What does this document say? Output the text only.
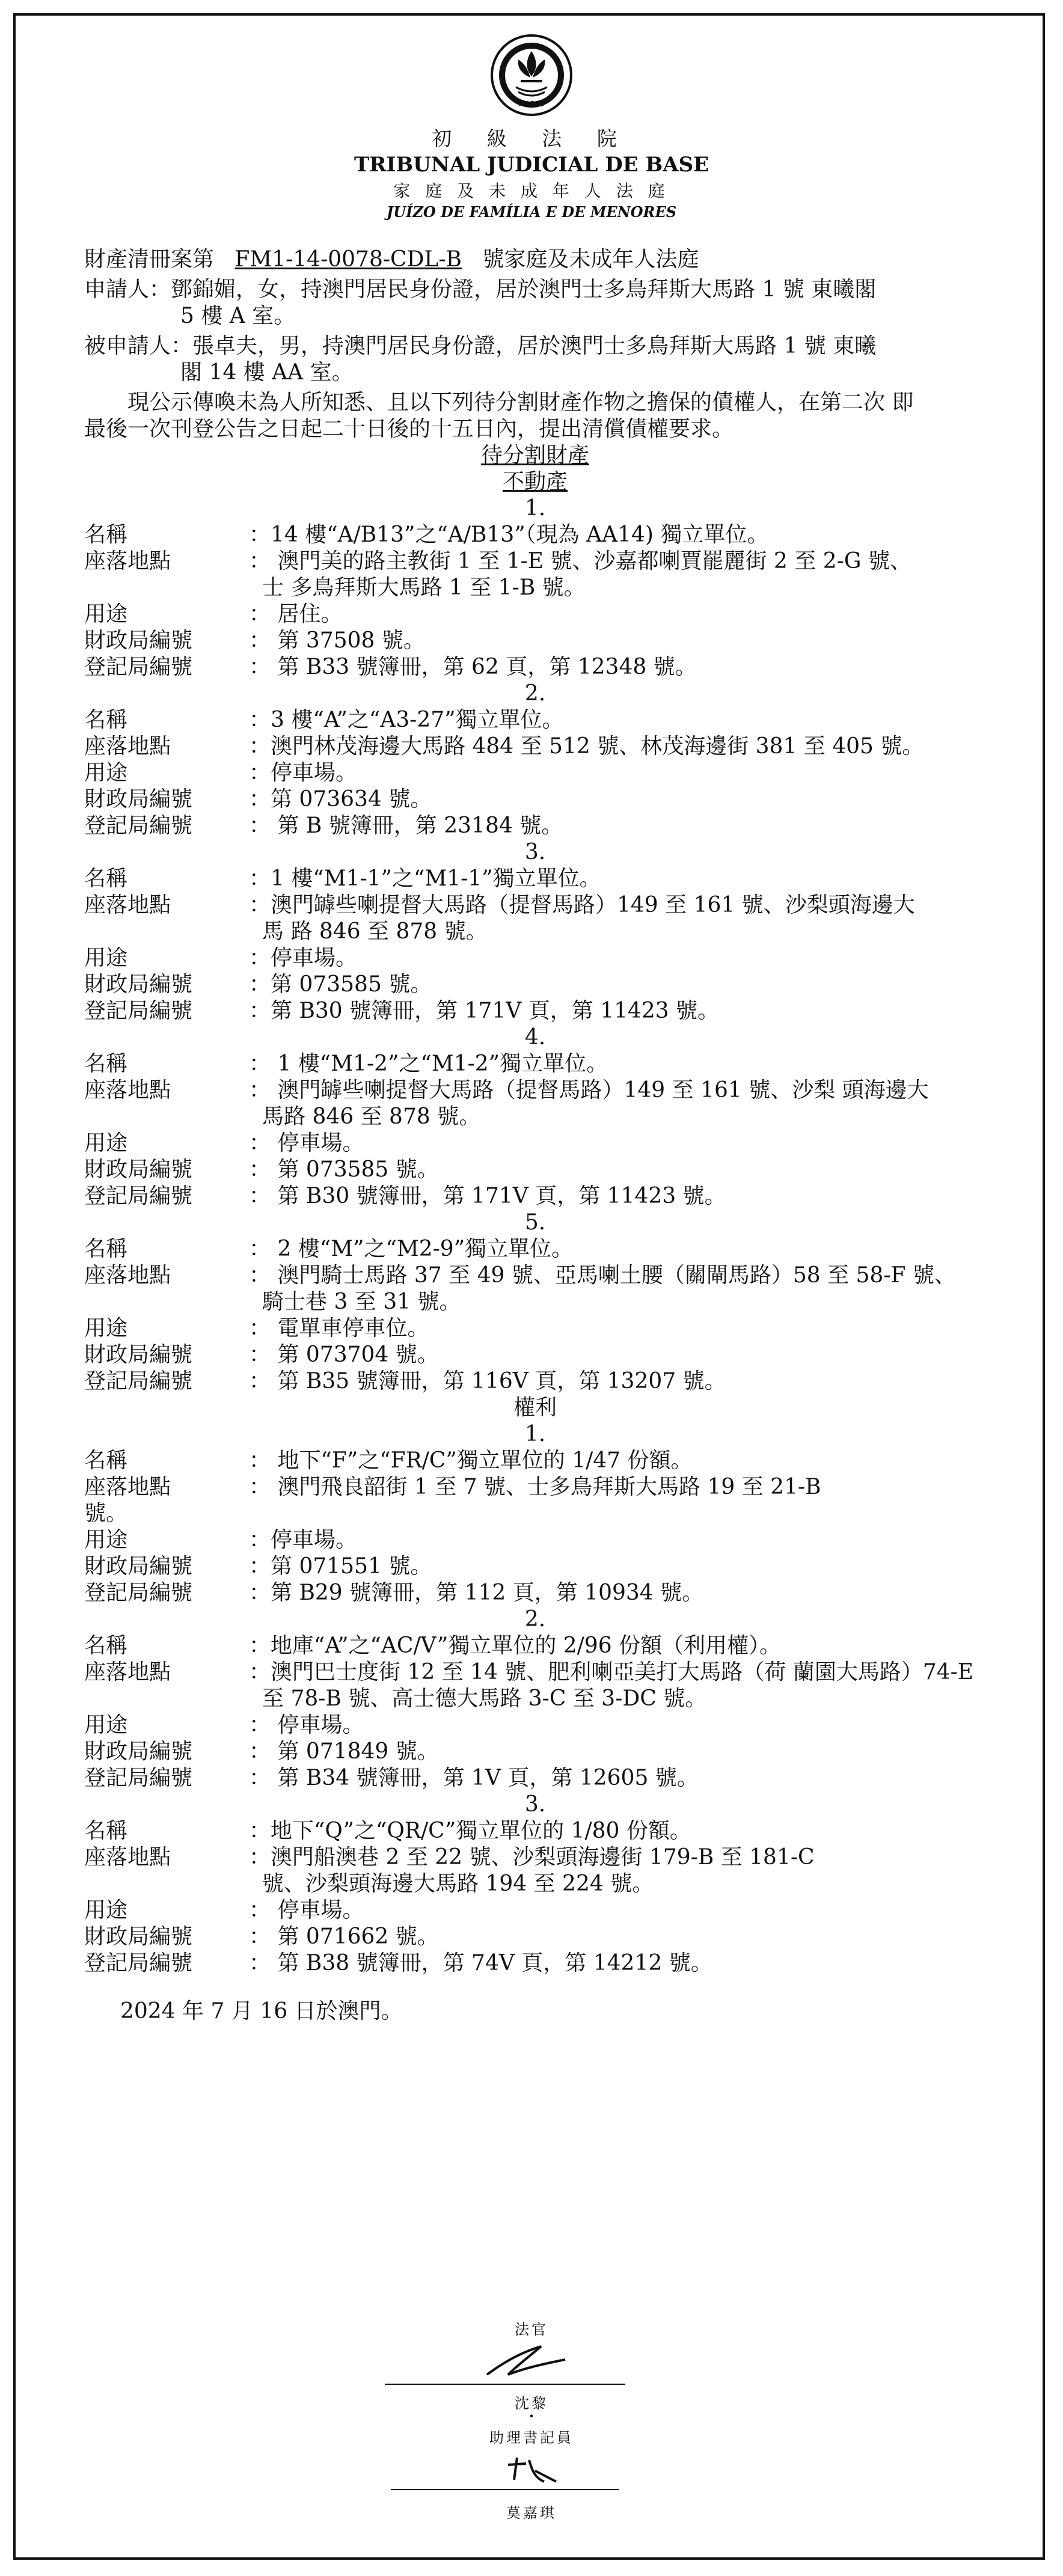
MACAU
初 級 法 院
TRIBUNAL JUDICIAL DE BASE
家 庭 及 未 成 年 人 法 庭
JUÍZO DE FAMÍLIA E DE MENORES

財產清冊案第 FM1-14-0078-CDL-B 號家庭及未成年人法庭

申請人：鄧錦媚，女，持澳門居民身份證，居於澳門士多鳥拜斯大馬路 1 號 東曦閣
5 樓 A 室。

被申請人：張卓夫，男，持澳門居民身份證，居於澳門士多鳥拜斯大馬路 1 號 東曦
閣 14 樓 AA 室。

現公示傳喚未為人所知悉、且以下列待分割財產作物之擔保的債權人，在第二次 即

最後一次刊登公告之日起二十日後的十五日內，提出清償債權要求。

待分割財產
不動產
1.
名稱	：14 樓“A/B13”之“A/B13”（現為 AA14) 獨立單位。
座落地點	： 澳門美的路主教街 1 至 1-E 號、沙嘉都喇賈罷麗街 2 至 2-G 號、
士 多鳥拜斯大馬路 1 至 1-B 號。
用途	： 居住。
財政局編號	： 第 37508 號。
登記局編號	： 第 B33 號簿冊，第 62 頁，第 12348 號。
2.
名稱	：3 樓“A”之“A3-27”獨立單位。
座落地點	：澳門林茂海邊大馬路 484 至 512 號、林茂海邊街 381 至 405 號。
用途	：停車場。
財政局編號	：第 073634 號。
登記局編號	： 第 B 號簿冊，第 23184 號。
3.
名稱	：1 樓“M1-1”之“M1-1”獨立單位。
座落地點	：澳門罅些喇提督大馬路（提督馬路）149 至 161 號、沙梨頭海邊大
馬 路 846 至 878 號。
用途	：停車場。
財政局編號	：第 073585 號。
登記局編號	：第 B30 號簿冊，第 171V 頁，第 11423 號。
4.
名稱	： 1 樓“M1-2”之“M1-2”獨立單位。
座落地點	： 澳門罅些喇提督大馬路（提督馬路）149 至 161 號、沙梨 頭海邊大
馬路 846 至 878 號。
用途	： 停車場。
財政局編號	： 第 073585 號。
登記局編號	： 第 B30 號簿冊，第 171V 頁，第 11423 號。
5.
名稱	： 2 樓“M”之“M2-9”獨立單位。
座落地點	： 澳門騎士馬路 37 至 49 號、亞馬喇土腰（關閘馬路）58 至 58-F 號、
騎士巷 3 至 31 號。
用途	： 電單車停車位。
財政局編號	： 第 073704 號。
登記局編號	： 第 B35 號簿冊，第 116V 頁，第 13207 號。
權利
1.
名稱	： 地下“F”之“FR/C”獨立單位的 1/47 份額。
座落地點	： 澳門飛良韶街 1 至 7 號、士多鳥拜斯大馬路 19 至 21-B
號。
用途	：停車場。
財政局編號	：第 071551 號。
登記局編號	：第 B29 號簿冊，第 112 頁，第 10934 號。
2.
名稱	：地庫“A”之“AC/V”獨立單位的 2/96 份額（利用權）。
座落地點	：澳門巴士度街 12 至 14 號、肥利喇亞美打大馬路（荷 蘭園大馬路）74-E
至 78-B 號、高士德大馬路 3-C 至 3-DC 號。
用途	： 停車場。
財政局編號	： 第 071849 號。
登記局編號	： 第 B34 號簿冊，第 1V 頁，第 12605 號。
3.
名稱	：地下“Q”之“QR/C”獨立單位的 1/80 份額。
座落地點	：澳門船澳巷 2 至 22 號、沙梨頭海邊街 179-B 至 181-C
號、沙梨頭海邊大馬路 194 至 224 號。
用途	： 停車場。
財政局編號	： 第 071662 號。
登記局編號	： 第 B38 號簿冊，第 74V 頁，第 14212 號。
2024 年 7 月 16 日於澳門。
法官
沈黎
•
助理書記員
莫嘉琪
